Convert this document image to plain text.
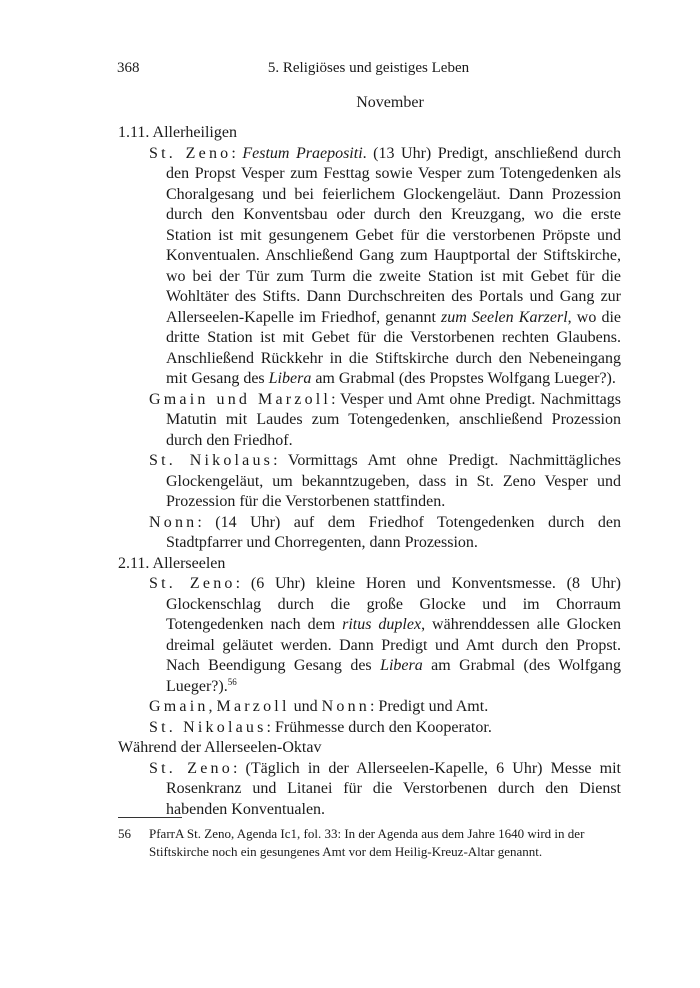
368	5. Religiöses und geistiges Leben
November

1.11. Allerheiligen

St. Zeno: Festum Praepositi. (13 Uhr) Predigt, anschließend durch den Propst Vesper zum Festtag sowie Vesper zum Totengedenken als Choralgesang und bei feierlichem Glockengeläut. Dann Prozession durch den Konventsbau oder durch den Kreuzgang, wo die erste Station ist mit gesungenem Gebet für die verstorbenen Pröpste und Konventualen. Anschließend Gang zum Hauptportal der Stiftskirche, wo bei der Tür zum Turm die zweite Station ist mit Gebet für die Wohltäter des Stifts. Dann Durchschreiten des Portals und Gang zur Allerseelen-Kapelle im Friedhof, genannt zum Seelen Karzerl, wo die dritte Station ist mit Gebet für die Verstorbenen rechten Glaubens. Anschließend Rückkehr in die Stiftskirche durch den Nebeneingang mit Gesang des Libera am Grabmal (des Propstes Wolfgang Lueger?).

Gmain und Marzoll: Vesper und Amt ohne Predigt. Nachmittags Matutin mit Laudes zum Totengedenken, anschließend Prozession durch den Friedhof.

St. Nikolaus: Vormittags Amt ohne Predigt. Nachmittägliches Glockengeläut, um bekanntzugeben, dass in St. Zeno Vesper und Prozession für die Verstorbenen stattfinden.

Nonn: (14 Uhr) auf dem Friedhof Totengedenken durch den Stadtpfarrer und Chorregenten, dann Prozession.

2.11. Allerseelen

St. Zeno: (6 Uhr) kleine Horen und Konventsmesse. (8 Uhr) Glockenschlag durch die große Glocke und im Chorraum Totengedenken nach dem ritus duplex, währenddessen alle Glocken dreimal geläutet werden. Dann Predigt und Amt durch den Propst. Nach Beendigung Gesang des Libera am Grabmal (des Wolfgang Lueger?).$^{56}$

Gmain, Marzoll und Nonn: Predigt und Amt.

St. Nikolaus: Frühmesse durch den Kooperator.

Während der Allerseelen-Oktav

St. Zeno: (Täglich in der Allerseelen-Kapelle, 6 Uhr) Messe mit Rosenkranz und Litanei für die Verstorbenen durch den Dienst habenden Konventualen.

56 PfarrA St. Zeno, Agenda Ic1, fol. 33: In der Agenda aus dem Jahre 1640 wird in der Stiftskirche noch ein gesungenes Amt vor dem Heilig-Kreuz-Altar genannt.
